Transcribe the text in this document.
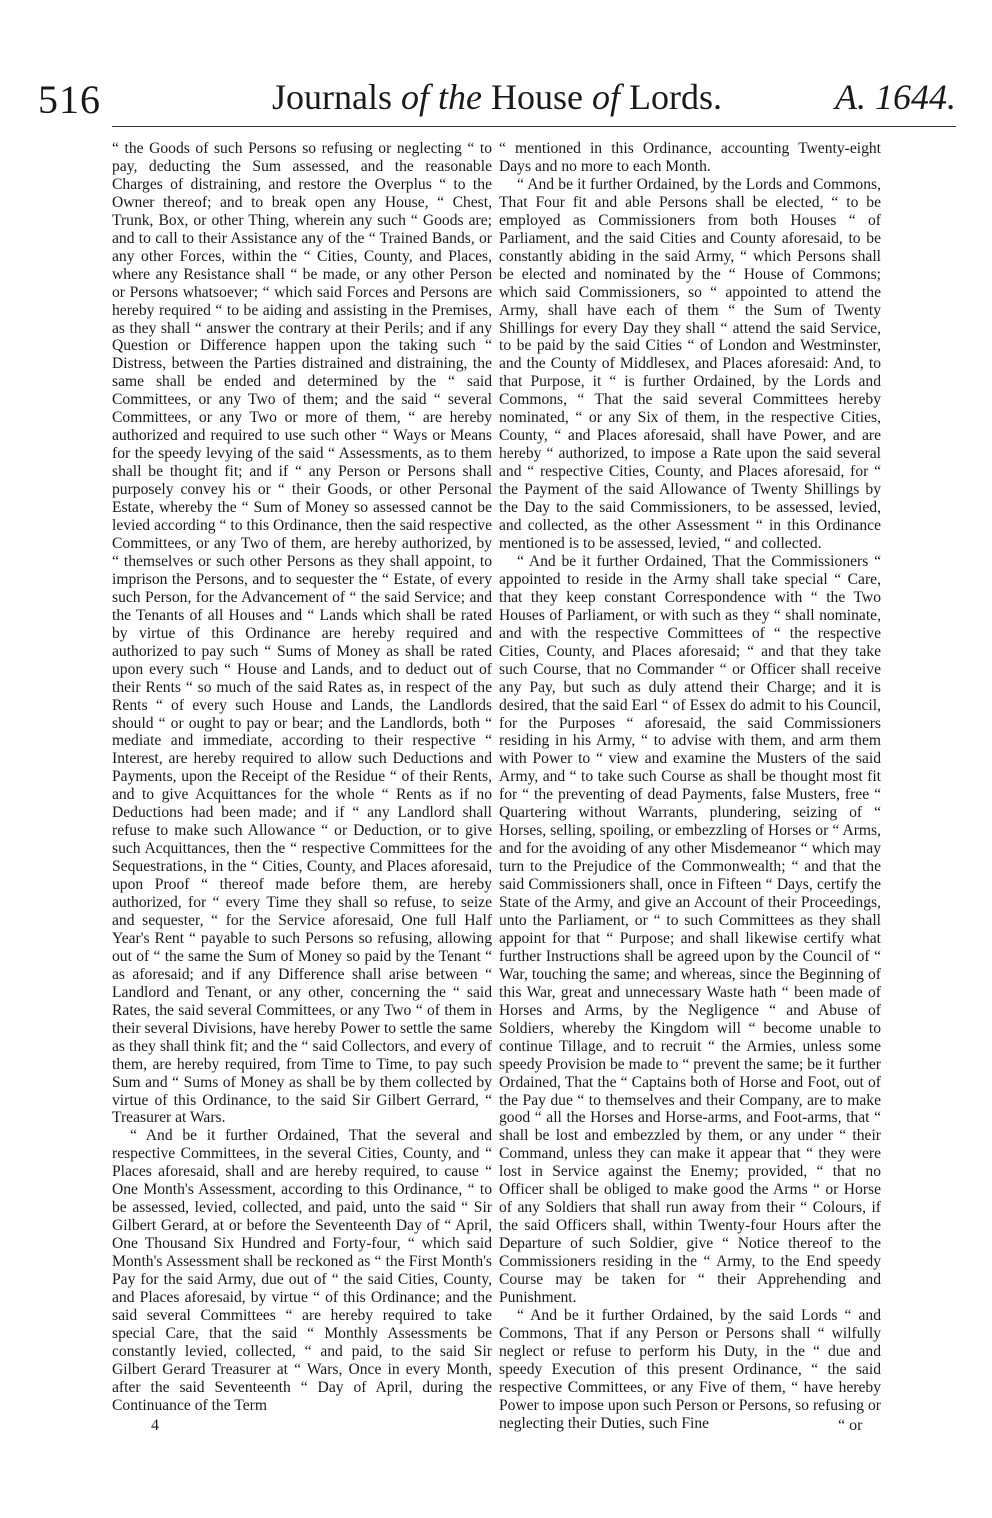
516	Journals of the House of Lords.	A. 1644.

“ the Goods of such Persons so refusing or neglecting “ to pay, deducting the Sum assessed, and the reasonable Charges of distraining, and restore the Overplus “ to the Owner thereof; and to break open any House, “ Chest, Trunk, Box, or other Thing, wherein any such “ Goods are; and to call to their Assistance any of the “ Trained Bands, or any other Forces, within the “ Cities, County, and Places, where any Resistance shall “ be made, or any other Person or Persons whatsoever; “ which said Forces and Persons are hereby required “ to be aiding and assisting in the Premises, as they shall “ answer the contrary at their Perils; and if any Question or Difference happen upon the taking such “ Distress, between the Parties distrained and distraining, the same shall be ended and determined by the “ said Committees, or any Two of them; and the said “ several Committees, or any Two or more of them, “ are hereby authorized and required to use such other “ Ways or Means for the speedy levying of the said “ Assessments, as to them shall be thought fit; and if “ any Person or Persons shall purposely convey his or “ their Goods, or other Personal Estate, whereby the “ Sum of Money so assessed cannot be levied according “ to this Ordinance, then the said respective Committees, or any Two of them, are hereby authorized, by “ themselves or such other Persons as they shall appoint, to imprison the Persons, and to sequester the “ Estate, of every such Person, for the Advancement of “ the said Service; and the Tenants of all Houses and “ Lands which shall be rated by virtue of this Ordinance are hereby required and authorized to pay such “ Sums of Money as shall be rated upon every such “ House and Lands, and to deduct out of their Rents “ so much of the said Rates as, in respect of the Rents “ of every such House and Lands, the Landlords should “ or ought to pay or bear; and the Landlords, both “ mediate and immediate, according to their respective “ Interest, are hereby required to allow such Deductions and Payments, upon the Receipt of the Residue “ of their Rents, and to give Acquittances for the whole “ Rents as if no Deductions had been made; and if “ any Landlord shall refuse to make such Allowance “ or Deduction, or to give such Acquittances, then the “ respective Committees for the Sequestrations, in the “ Cities, County, and Places aforesaid, upon Proof “ thereof made before them, are hereby authorized, for “ every Time they shall so refuse, to seize and sequester, “ for the Service aforesaid, One full Half Year's Rent “ payable to such Persons so refusing, allowing out of “ the same the Sum of Money so paid by the Tenant “ as aforesaid; and if any Difference shall arise between “ Landlord and Tenant, or any other, concerning the “ said Rates, the said several Committees, or any Two “ of them in their several Divisions, have hereby Power to settle the same as they shall think fit; and the “ said Collectors, and every of them, are hereby required, from Time to Time, to pay such Sum and “ Sums of Money as shall be by them collected by virtue of this Ordinance, to the said Sir Gilbert Gerrard, “ Treasurer at Wars.

“ And be it further Ordained, That the several and respective Committees, in the several Cities, County, and “ Places aforesaid, shall and are hereby required, to cause “ One Month's Assessment, according to this Ordinance, “ to be assessed, levied, collected, and paid, unto the said “ Sir Gilbert Gerard, at or before the Seventeenth Day of “ April, One Thousand Six Hundred and Forty-four, “ which said Month's Assessment shall be reckoned as “ the First Month's Pay for the said Army, due out of “ the said Cities, County, and Places aforesaid, by virtue “ of this Ordinance; and the said several Committees “ are hereby required to take special Care, that the said “ Monthly Assessments be constantly levied, collected, “ and paid, to the said Sir Gilbert Gerard Treasurer at “ Wars, Once in every Month, after the said Seventeenth “ Day of April, during the Continuance of the Term

“ mentioned in this Ordinance, accounting Twenty-eight Days and no more to each Month.

“ And be it further Ordained, by the Lords and Commons, That Four fit and able Persons shall be elected, “ to be employed as Commissioners from both Houses “ of Parliament, and the said Cities and County aforesaid, to be constantly abiding in the said Army, “ which Persons shall be elected and nominated by the “ House of Commons; which said Commissioners, so “ appointed to attend the Army, shall have each of them “ the Sum of Twenty Shillings for every Day they shall “ attend the said Service, to be paid by the said Cities “ of London and Westminster, and the County of Middlesex, and Places aforesaid: And, to that Purpose, it “ is further Ordained, by the Lords and Commons, “ That the said several Committees hereby nominated, “ or any Six of them, in the respective Cities, County, “ and Places aforesaid, shall have Power, and are hereby “ authorized, to impose a Rate upon the said several and “ respective Cities, County, and Places aforesaid, for “ the Payment of the said Allowance of Twenty Shillings by the Day to the said Commissioners, to be assessed, levied, and collected, as the other Assessment “ in this Ordinance mentioned is to be assessed, levied, “ and collected.

“ And be it further Ordained, That the Commissioners “ appointed to reside in the Army shall take special “ Care, that they keep constant Correspondence with “ the Two Houses of Parliament, or with such as they “ shall nominate, and with the respective Committees of “ the respective Cities, County, and Places aforesaid; “ and that they take such Course, that no Commander “ or Officer shall receive any Pay, but such as duly attend their Charge; and it is desired, that the said Earl “ of Essex do admit to his Council, for the Purposes “ aforesaid, the said Commissioners residing in his Army, “ to advise with them, and arm them with Power to “ view and examine the Musters of the said Army, and “ to take such Course as shall be thought most fit for “ the preventing of dead Payments, false Musters, free “ Quartering without Warrants, plundering, seizing of “ Horses, selling, spoiling, or embezzling of Horses or “ Arms, and for the avoiding of any other Misdemeanor “ which may turn to the Prejudice of the Commonwealth; “ and that the said Commissioners shall, once in Fifteen “ Days, certify the State of the Army, and give an Account of their Proceedings, unto the Parliament, or “ to such Committees as they shall appoint for that “ Purpose; and shall likewise certify what further Instructions shall be agreed upon by the Council of “ War, touching the same; and whereas, since the Beginning of this War, great and unnecessary Waste hath “ been made of Horses and Arms, by the Negligence “ and Abuse of Soldiers, whereby the Kingdom will “ become unable to continue Tillage, and to recruit “ the Armies, unless some speedy Provision be made to “ prevent the same; be it further Ordained, That the “ Captains both of Horse and Foot, out of the Pay due “ to themselves and their Company, are to make good “ all the Horses and Horse-arms, and Foot-arms, that “ shall be lost and embezzled by them, or any under “ their Command, unless they can make it appear that “ they were lost in Service against the Enemy; provided, “ that no Officer shall be obliged to make good the Arms “ or Horse of any Soldiers that shall run away from their “ Colours, if the said Officers shall, within Twenty-four Hours after the Departure of such Soldier, give “ Notice thereof to the Commissioners residing in the “ Army, to the End speedy Course may be taken for “ their Apprehending and Punishment.

“ And be it further Ordained, by the said Lords “ and Commons, That if any Person or Persons shall “ wilfully neglect or refuse to perform his Duty, in the “ due and speedy Execution of this present Ordinance, “ the said respective Committees, or any Five of them, “ have hereby Power to impose upon such Person or Persons, so refusing or neglecting their Duties, such Fine

4	“ or
